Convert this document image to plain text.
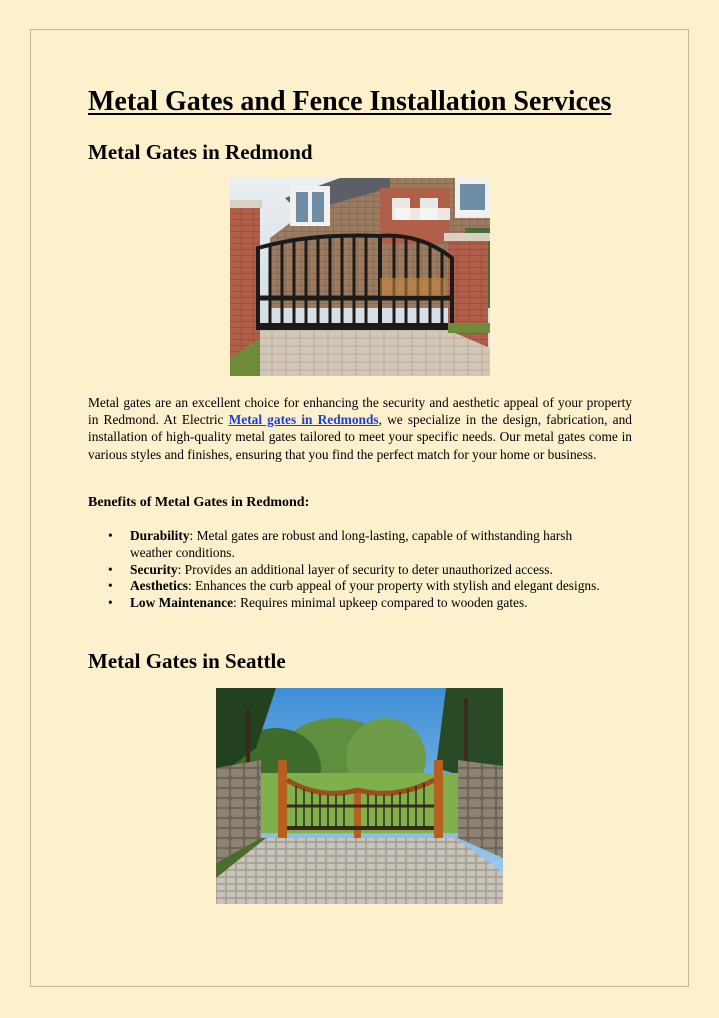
Metal Gates and Fence Installation Services
Metal Gates in Redmond

Metal gates are an excellent choice for enhancing the security and aesthetic appeal of your property in Redmond. At Electric Metal gates in Redmonds, we specialize in the design, fabrication, and installation of high-quality metal gates tailored to meet your specific needs. Our metal gates come in various styles and finishes, ensuring that you find the perfect match for your home or business.

Benefits of Metal Gates in Redmond:

• Durability: Metal gates are robust and long-lasting, capable of withstanding harsh weather conditions.
• Security: Provides an additional layer of security to deter unauthorized access.
• Aesthetics: Enhances the curb appeal of your property with stylish and elegant designs.
• Low Maintenance: Requires minimal upkeep compared to wooden gates.
Metal Gates in Seattle
